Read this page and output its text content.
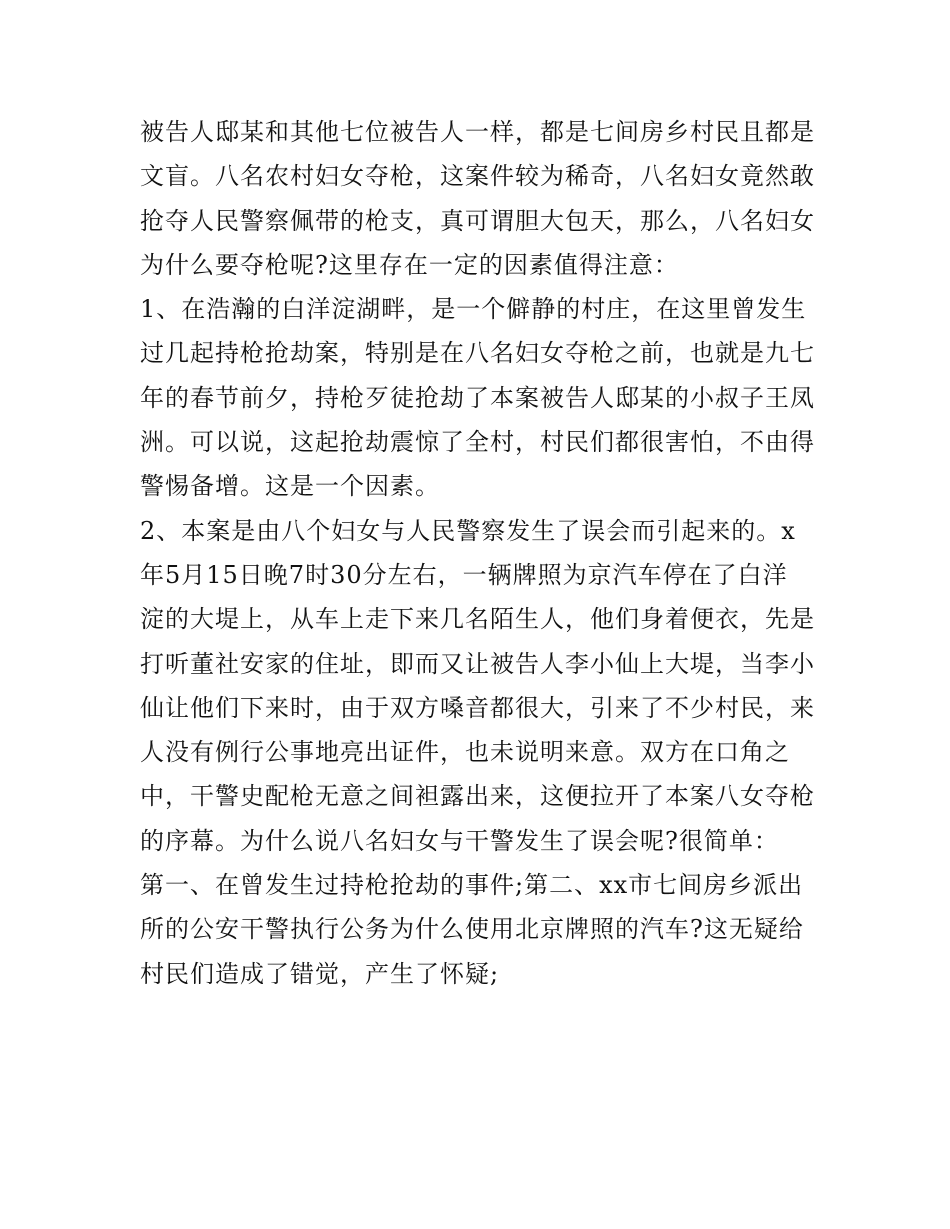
被告人邸某和其他七位被告人一样，都是七间房乡村民且都是
文盲。八名农村妇女夺枪，这案件较为稀奇，八名妇女竟然敢
抢夺人民警察佩带的枪支，真可谓胆大包天，那么，八名妇女
为什么要夺枪呢?这里存在一定的因素值得注意：
1、在浩瀚的白洋淀湖畔，是一个僻静的村庄，在这里曾发生
过几起持枪抢劫案，特别是在八名妇女夺枪之前，也就是九七
年的春节前夕，持枪歹徒抢劫了本案被告人邸某的小叔子王凤
洲。可以说，这起抢劫震惊了全村，村民们都很害怕，不由得
警惕备增。这是一个因素。
2、本案是由八个妇女与人民警察发生了误会而引起来的。x
年5月15日晚7时30分左右，一辆牌照为京汽车停在了白洋
淀的大堤上，从车上走下来几名陌生人，他们身着便衣，先是
打听董社安家的住址，即而又让被告人李小仙上大堤，当李小
仙让他们下来时，由于双方嗓音都很大，引来了不少村民，来
人没有例行公事地亮出证件，也未说明来意。双方在口角之
中，干警史配枪无意之间袒露出来，这便拉开了本案八女夺枪
的序幕。为什么说八名妇女与干警发生了误会呢?很简单：
第一、在曾发生过持枪抢劫的事件;第二、xx市七间房乡派出
所的公安干警执行公务为什么使用北京牌照的汽车?这无疑给
村民们造成了错觉，产生了怀疑;
